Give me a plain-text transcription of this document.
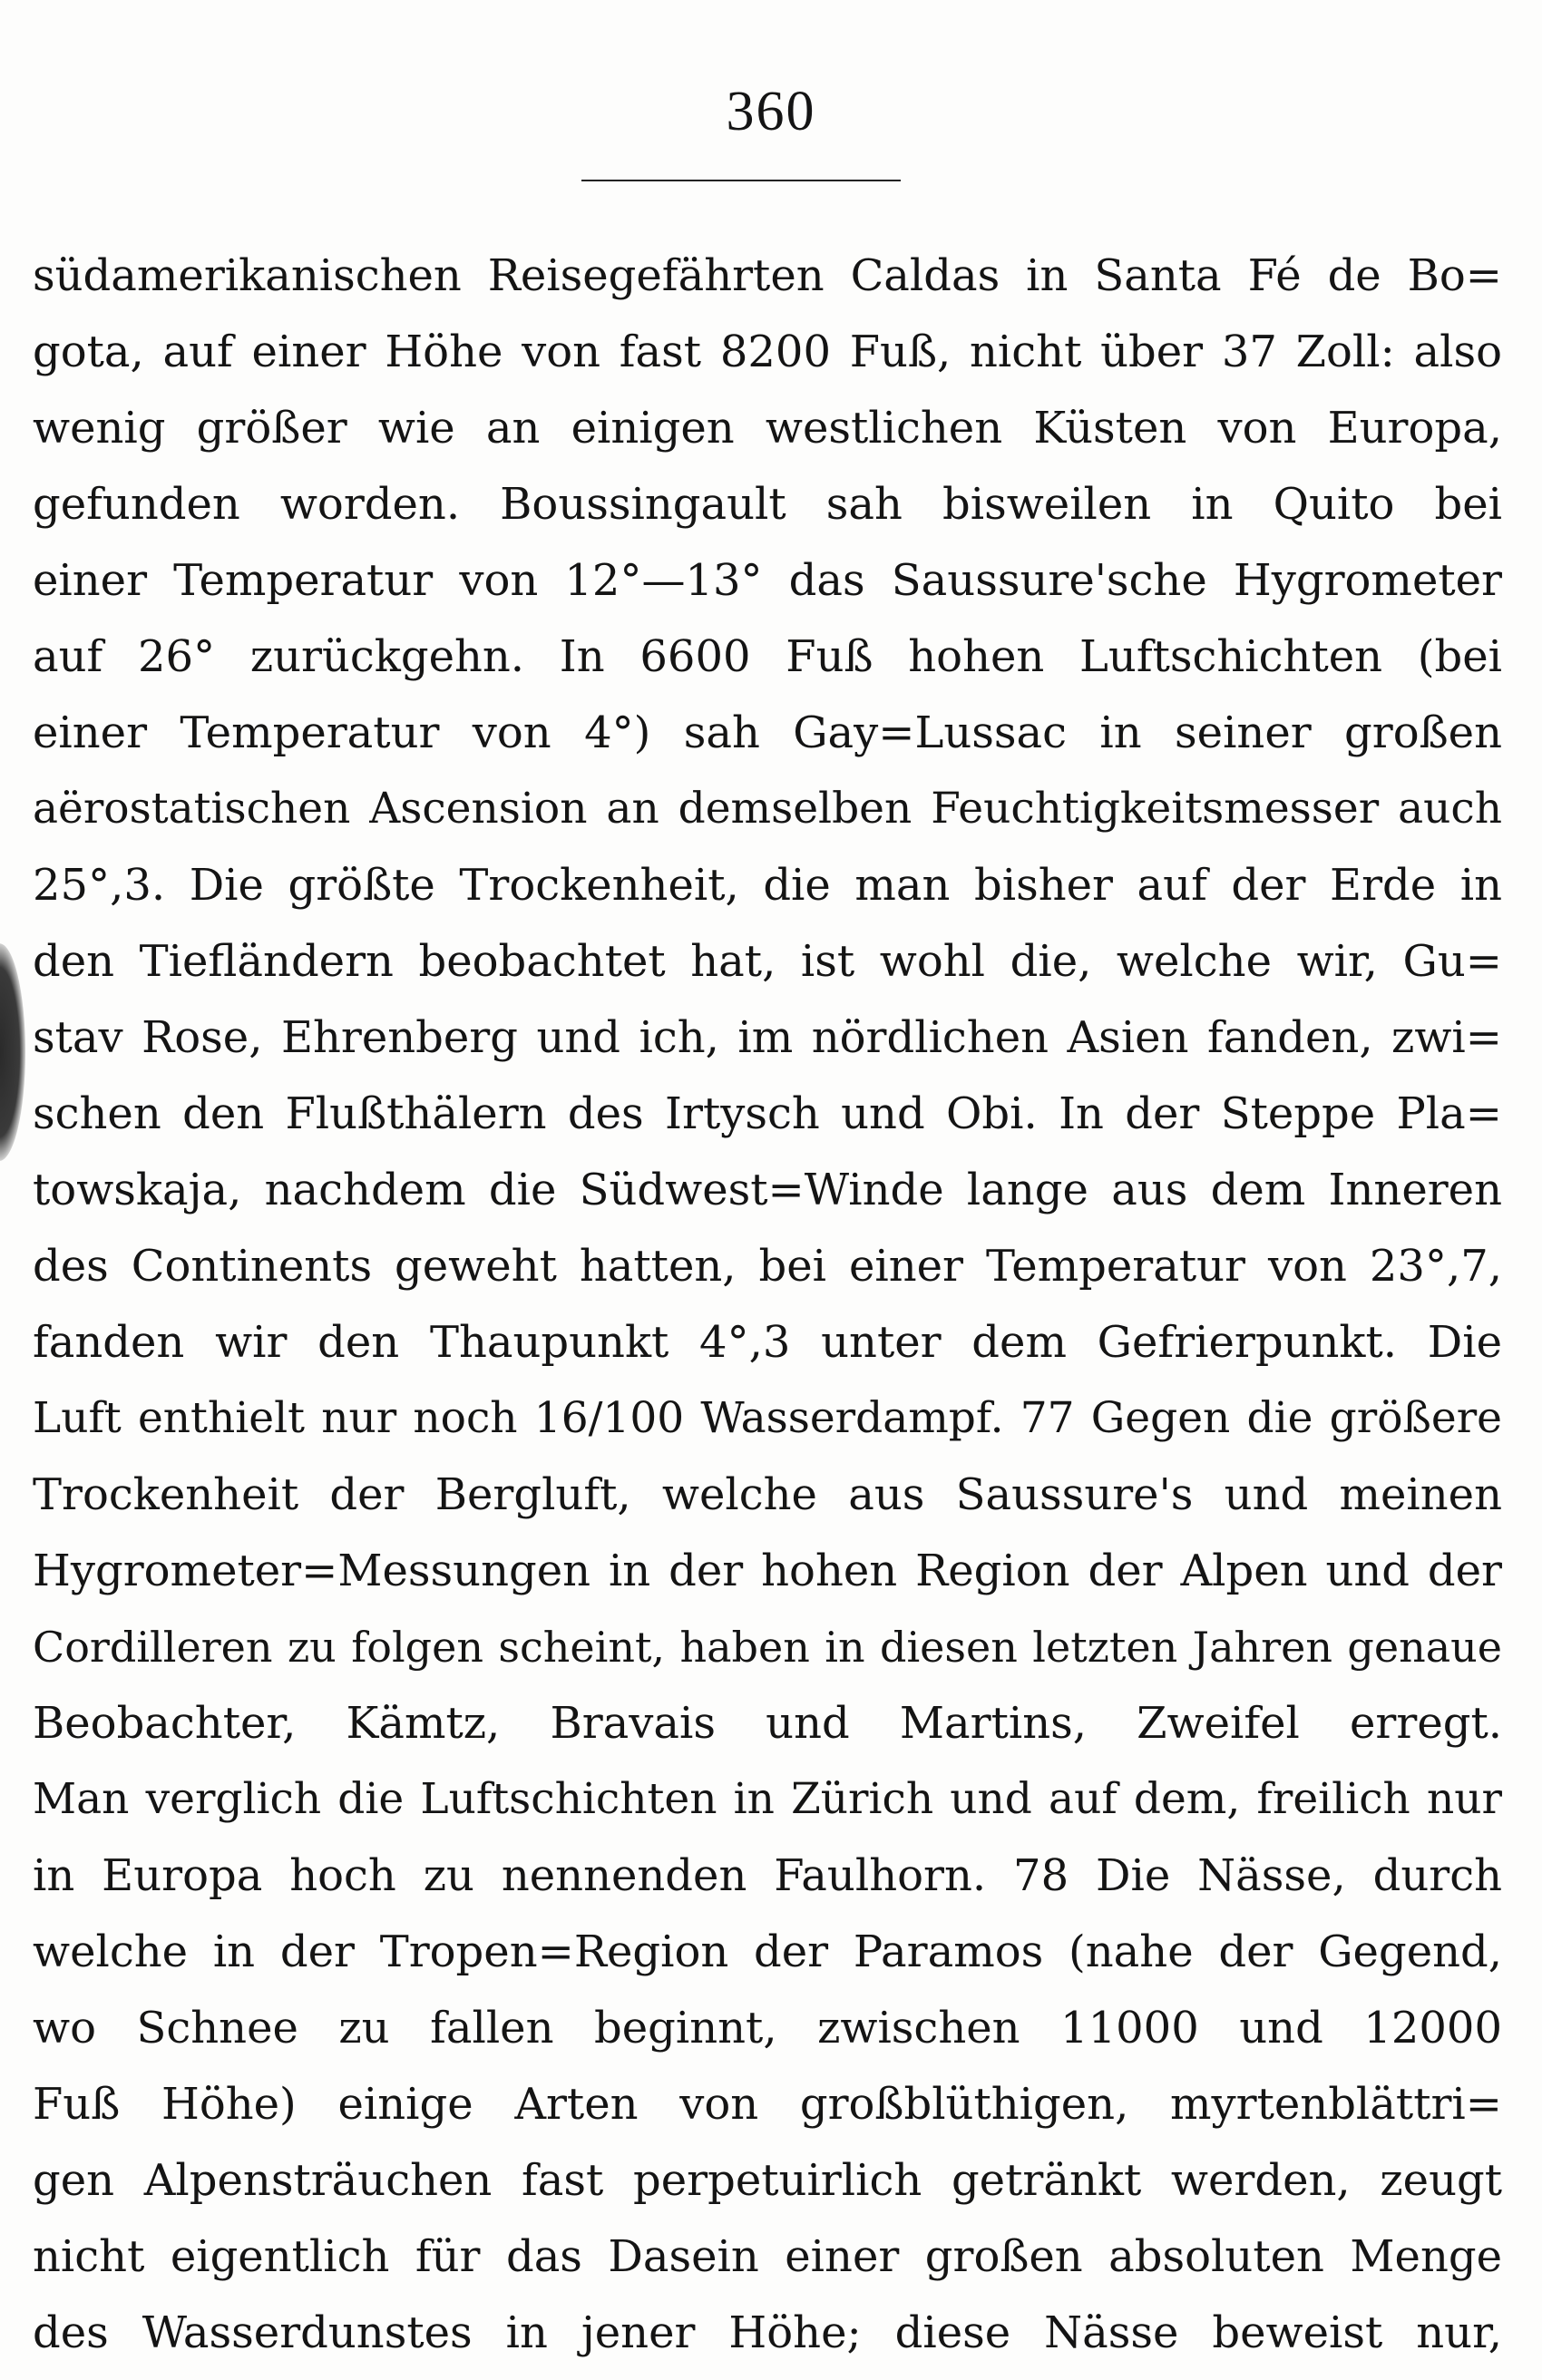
360
südamerikanischen Reisegefährten Caldas in Santa Fé de Bo=
gota, auf einer Höhe von fast 8200 Fuß, nicht über 37 Zoll: also
wenig größer wie an einigen westlichen Küsten von Europa,
gefunden worden. Boussingault sah bisweilen in Quito bei
einer Temperatur von 12°—13° das Saussure'sche Hygrometer
auf 26° zurückgehn. In 6600 Fuß hohen Luftschichten (bei
einer Temperatur von 4°) sah Gay=Lussac in seiner großen
aërostatischen Ascension an demselben Feuchtigkeitsmesser auch
25°,3. Die größte Trockenheit, die man bisher auf der Erde in
den Tiefländern beobachtet hat, ist wohl die, welche wir, Gu=
stav Rose, Ehrenberg und ich, im nördlichen Asien fanden, zwi=
schen den Flußthälern des Irtysch und Obi. In der Steppe Pla=
towskaja, nachdem die Südwest=Winde lange aus dem Inneren
des Continents geweht hatten, bei einer Temperatur von 23°,7,
fanden wir den Thaupunkt 4°,3 unter dem Gefrierpunkt. Die
Luft enthielt nur noch 16/100 Wasserdampf. 77 Gegen die größere
Trockenheit der Bergluft, welche aus Saussure's und meinen
Hygrometer=Messungen in der hohen Region der Alpen und der
Cordilleren zu folgen scheint, haben in diesen letzten Jahren genaue
Beobachter, Kämtz, Bravais und Martins, Zweifel erregt.
Man verglich die Luftschichten in Zürich und auf dem, freilich nur
in Europa hoch zu nennenden Faulhorn. 78 Die Nässe, durch
welche in der Tropen=Region der Paramos (nahe der Gegend,
wo Schnee zu fallen beginnt, zwischen 11000 und 12000
Fuß Höhe) einige Arten von großblüthigen, myrtenblättri=
gen Alpensträuchen fast perpetuirlich getränkt werden, zeugt
nicht eigentlich für das Dasein einer großen absoluten Menge
des Wasserdunstes in jener Höhe; diese Nässe beweist nur,
